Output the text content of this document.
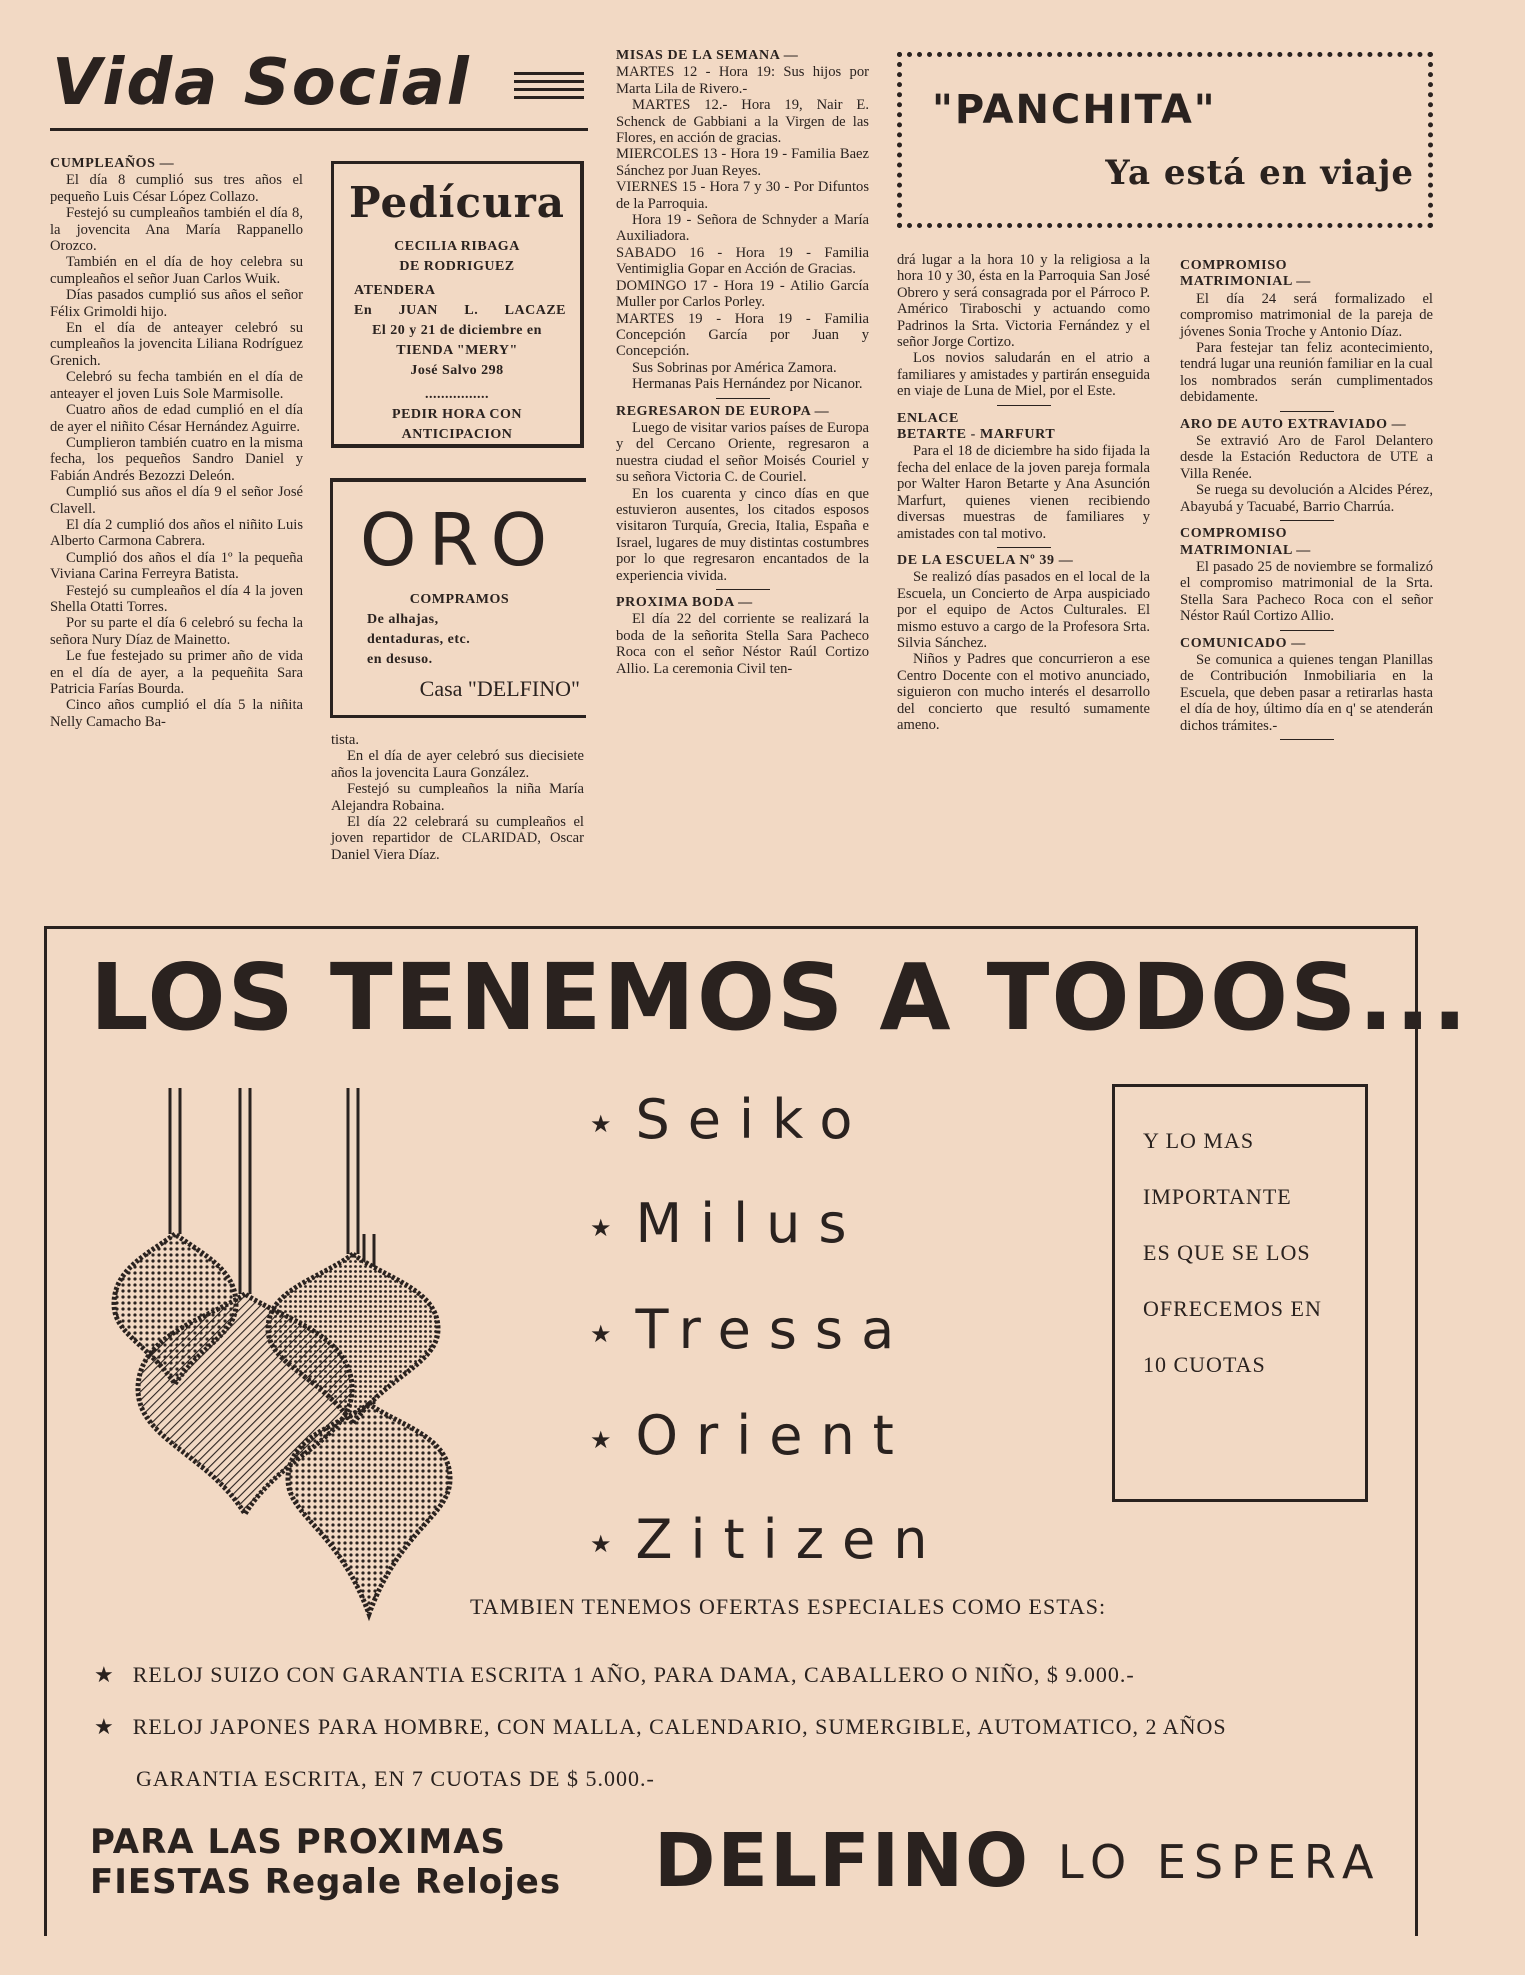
Vida Social

CUMPLEAÑOS —

El día 8 cumplió sus tres años el pequeño Luis César López Collazo.

Festejó su cumpleaños también el día 8, la jovencita Ana María Rappanello Orozco.

También en el día de hoy celebra su cumpleaños el señor Juan Carlos Wuik.

Días pasados cumplió sus años el señor Félix Grimoldi hijo.

En el día de anteayer celebró su cumpleaños la jovencita Liliana Rodríguez Grenich.

Celebró su fecha también en el día de anteayer el joven Luis Sole Marmisolle.

Cuatro años de edad cumplió en el día de ayer el niñito César Hernández Aguirre.

Cumplieron también cuatro en la misma fecha, los pequeños Sandro Daniel y Fabián Andrés Bezozzi Deleón.

Cumplió sus años el día 9 el señor José Clavell.

El día 2 cumplió dos años el niñito Luis Alberto Carmona Cabrera.

Cumplió dos años el día 1º la pequeña Viviana Carina Ferreyra Batista.

Festejó su cumpleaños el día 4 la joven Shella Otatti Torres.

Por su parte el día 6 celebró su fecha la señora Nury Díaz de Mainetto.

Le fue festejado su primer año de vida en el día de ayer, a la pequeñita Sara Patricia Farías Bourda.

Cinco años cumplió el día 5 la niñita Nelly Camacho Ba-

Pedícura
CECILIA RIBAGA
DE RODRIGUEZ
ATENDERA
En JUAN L. LACAZE
El 20 y 21 de diciembre en
TIENDA "MERY"
José Salvo 298
................
PEDIR HORA CON
ANTICIPACION
ORO
COMPRAMOS
De alhajas,
dentaduras, etc.
en desuso.
Casa "DELFINO"

tista.

En el día de ayer celebró sus diecisiete años la jovencita Laura González.

Festejó su cumpleaños la niña María Alejandra Robaina.

El día 22 celebrará su cumpleaños el joven repartidor de CLARIDAD, Oscar Daniel Viera Díaz.

MISAS DE LA SEMANA —

MARTES 12 - Hora 19: Sus hijos por Marta Lila de Rivero.-

MARTES 12.- Hora 19, Nair E. Schenck de Gabbiani a la Virgen de las Flores, en acción de gracias.

MIERCOLES 13 - Hora 19 - Familia Baez Sánchez por Juan Reyes.

VIERNES 15 - Hora 7 y 30 - Por Difuntos de la Parroquia.

Hora 19 - Señora de Schnyder a María Auxiliadora.

SABADO 16 - Hora 19 - Familia Ventimiglia Gopar en Acción de Gracias.

DOMINGO 17 - Hora 19 - Atilio García Muller por Carlos Porley.

MARTES 19 - Hora 19 - Familia Concepción García por Juan y Concepción.

Sus Sobrinas por América Zamora.

Hermanas Pais Hernández por Nicanor.

REGRESARON DE EUROPA —

Luego de visitar varios países de Europa y del Cercano Oriente, regresaron a nuestra ciudad el señor Moisés Couriel y su señora Victoria C. de Couriel.

En los cuarenta y cinco días en que estuvieron ausentes, los citados esposos visitaron Turquía, Grecia, Italia, España e Israel, lugares de muy distintas costumbres por lo que regresaron encantados de la experiencia vivida.

PROXIMA BODA —

El día 22 del corriente se realizará la boda de la señorita Stella Sara Pacheco Roca con el señor Néstor Raúl Cortizo Allio. La ceremonia Civil ten-

"PANCHITA"
Ya está en viaje

drá lugar a la hora 10 y la religiosa a la hora 10 y 30, ésta en la Parroquia San José Obrero y será consagrada por el Párroco P. Américo Tiraboschi y actuando como Padrinos la Srta. Victoria Fernández y el señor Jorge Cortizo.

Los novios saludarán en el atrio a familiares y amistades y partirán enseguida en viaje de Luna de Miel, por el Este.

ENLACE

BETARTE - MARFURT

Para el 18 de diciembre ha sido fijada la fecha del enlace de la joven pareja formala por Walter Haron Betarte y Ana Asunción Marfurt, quienes vienen recibiendo diversas muestras de familiares y amistades con tal motivo.

DE LA ESCUELA Nº 39 —

Se realizó días pasados en el local de la Escuela, un Concierto de Arpa auspiciado por el equipo de Actos Culturales. El mismo estuvo a cargo de la Profesora Srta. Silvia Sánchez.

Niños y Padres que concurrieron a ese Centro Docente con el motivo anunciado, siguieron con mucho interés el desarrollo del concierto que resultó sumamente ameno.

COMPROMISO

MATRIMONIAL —

El día 24 será formalizado el compromiso matrimonial de la pareja de jóvenes Sonia Troche y Antonio Díaz.

Para festejar tan feliz acontecimiento, tendrá lugar una reunión familiar en la cual los nombrados serán cumplimentados debidamente.

ARO DE AUTO EXTRAVIADO —

Se extravió Aro de Farol Delantero desde la Estación Reductora de UTE a Villa Renée.

Se ruega su devolución a Alcides Pérez, Abayubá y Tacuabé, Barrio Charrúa.

COMPROMISO

MATRIMONIAL —

El pasado 25 de noviembre se formalizó el compromiso matrimonial de la Srta. Stella Sara Pacheco Roca con el señor Néstor Raúl Cortizo Allio.

COMUNICADO —

Se comunica a quienes tengan Planillas de Contribución Inmobiliaria en la Escuela, que deben pasar a retirarlas hasta el día de hoy, último día en q' se atenderán dichos trámites.-

LOS TENEMOS A TODOS...
★ Seiko
★ Milus
★ Tressa
★ Orient
★ Zitizen
Y LO MAS
IMPORTANTE
ES QUE SE LOS
OFRECEMOS EN
10 CUOTAS
TAMBIEN TENEMOS OFERTAS ESPECIALES COMO ESTAS:
★ RELOJ SUIZO CON GARANTIA ESCRITA 1 AÑO, PARA DAMA, CABALLERO O NIÑO, $ 9.000.-
★ RELOJ JAPONES PARA HOMBRE, CON MALLA, CALENDARIO, SUMERGIBLE, AUTOMATICO, 2 AÑOS
GARANTIA ESCRITA, EN 7 CUOTAS DE $ 5.000.-
PARA LAS PROXIMAS
FIESTAS Regale Relojes DELFINO LO ESPERA
